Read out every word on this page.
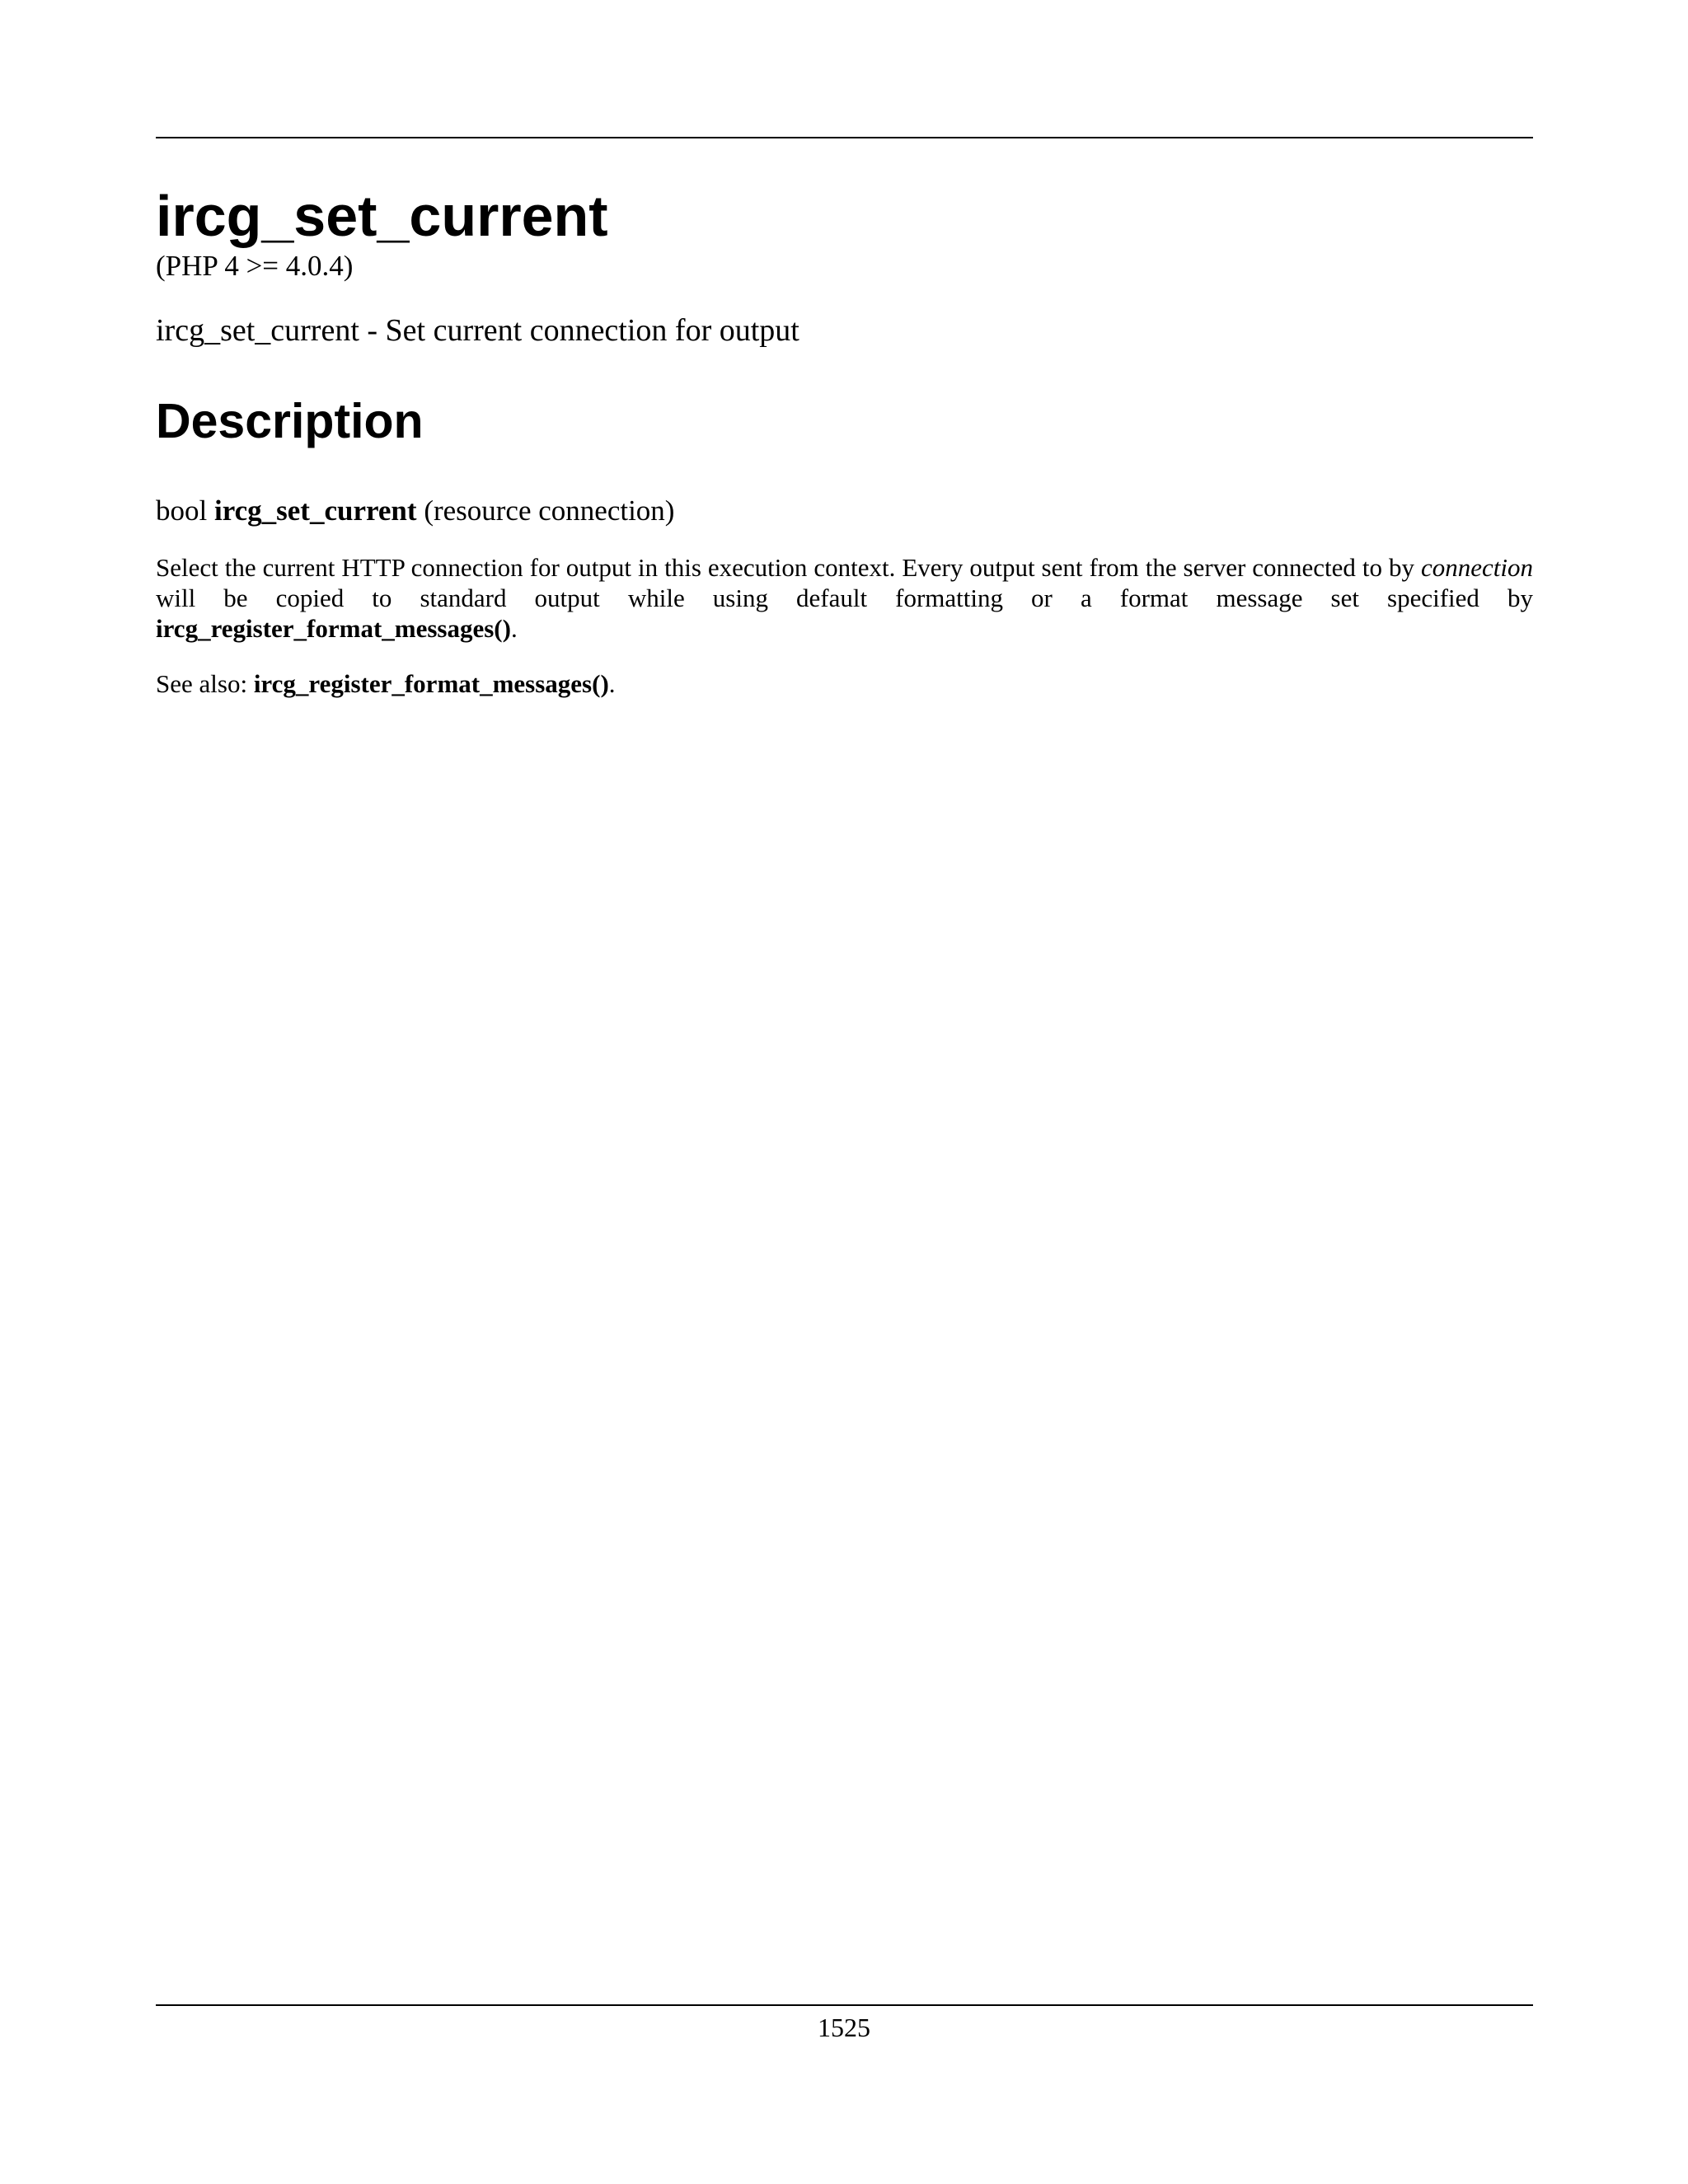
ircg_set_current

(PHP 4 >= 4.0.4)

ircg_set_current - Set current connection for output

Description

bool ircg_set_current (resource connection)

Select the current HTTP connection for output in this execution context. Every output sent from the server connected to by connection will be copied to standard output while using default formatting or a format message set specified by ircg_register_format_messages().

See also: ircg_register_format_messages().

1525
